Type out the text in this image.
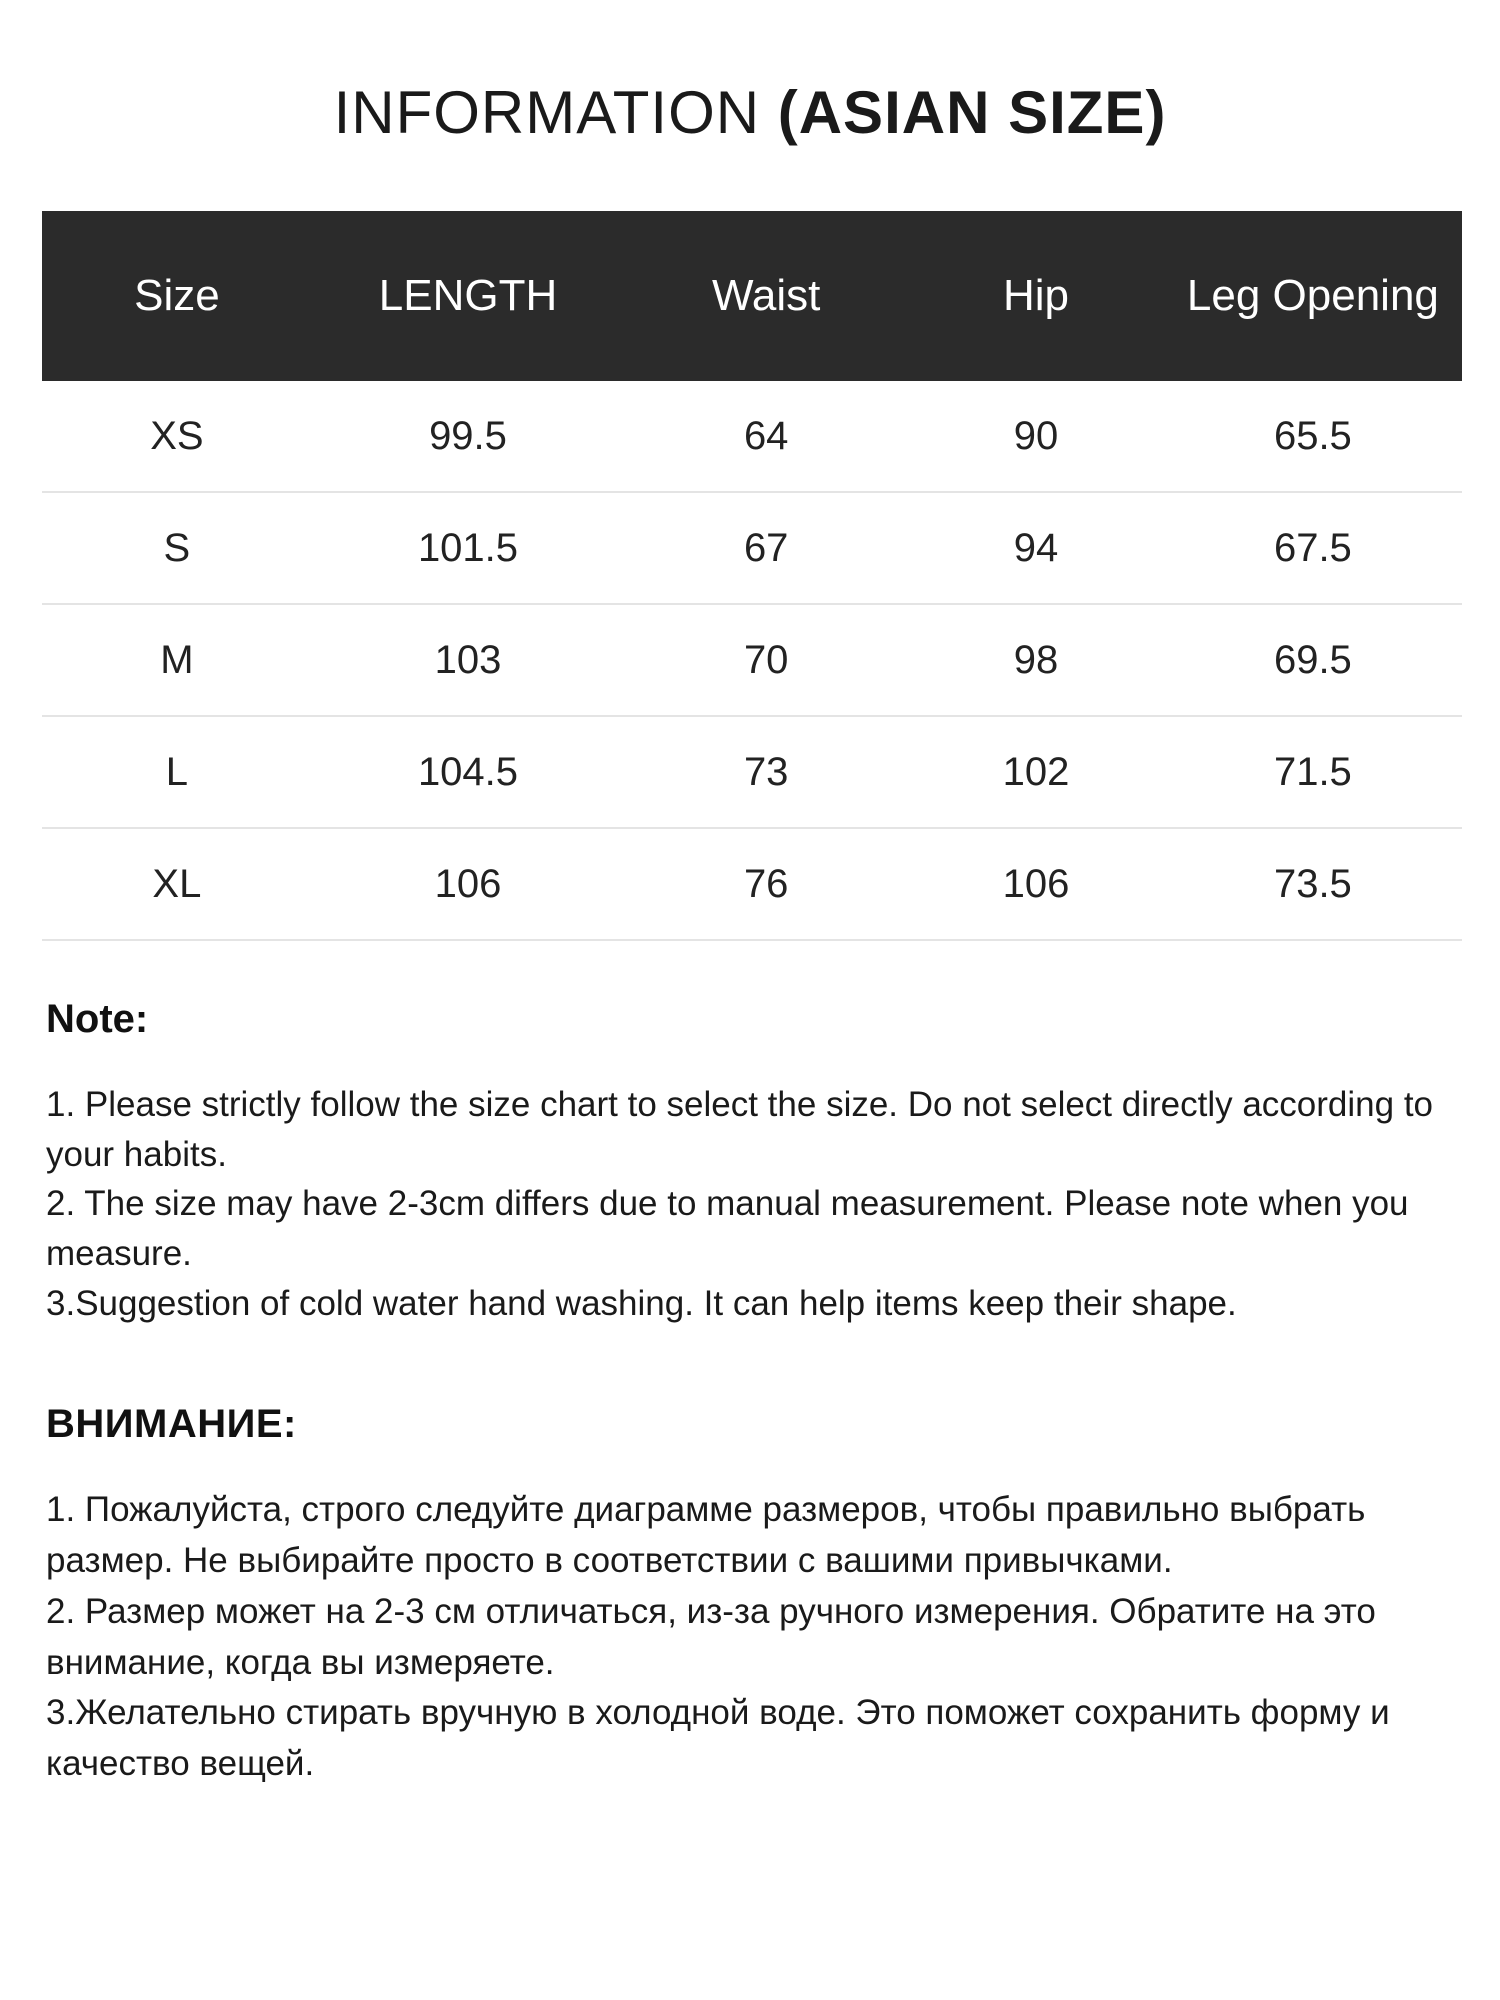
INFORMATION (ASIAN SIZE)
Size	LENGTH	Waist	Hip	Leg Opening
XS	99.5	64	90	65.5
S	101.5	67	94	67.5
M	103	70	98	69.5
L	104.5	73	102	71.5
XL	106	76	106	73.5
Note:

1. Please strictly follow the size chart to select the size. Do not select directly according to your habits.

2. The size may have 2-3cm differs due to manual measurement. Please note when you measure.

3.Suggestion of cold water hand washing. It can help items keep their shape.

ВНИМАНИЕ:

1. Пожалуйста, строго следуйте диаграмме размеров, чтобы правильно выбрать размер. Не выбирайте просто в соответствии с вашими привычками.

2. Размер может на 2-3 см отличаться, из-за ручного измерения. Обратите на это внимание, когда вы измеряете.

3.Желательно стирать вручную в холодной воде. Это поможет сохранить форму и качество вещей.
